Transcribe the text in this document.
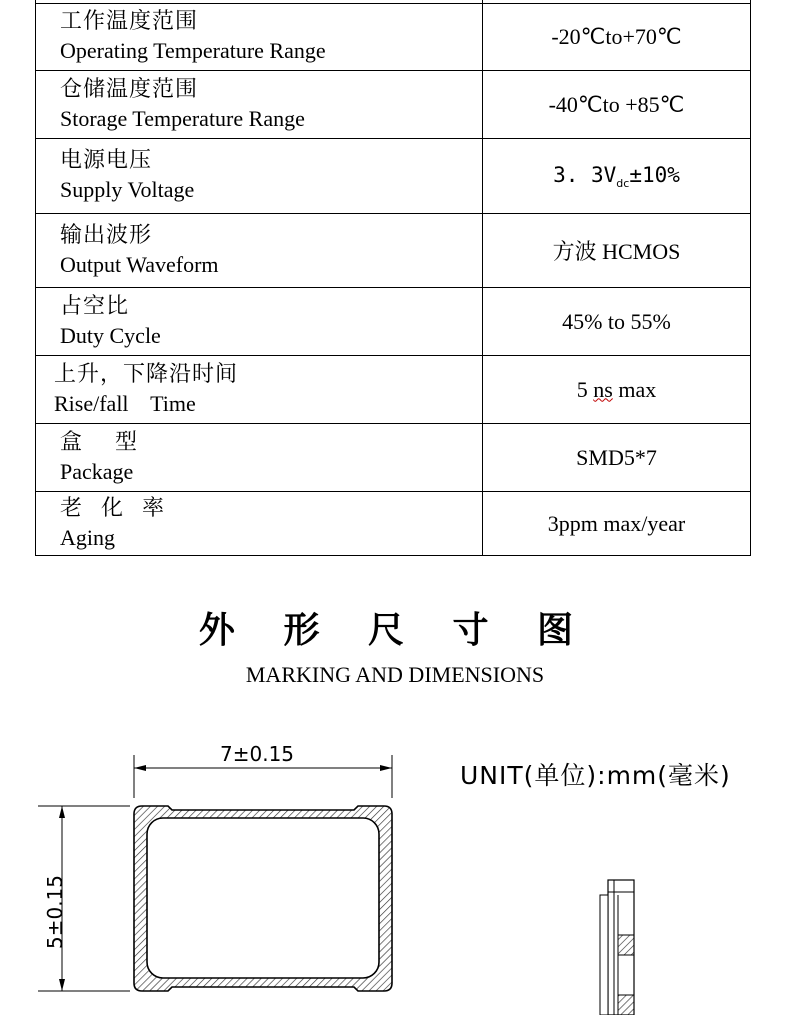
工作温度范围
Operating Temperature Range	-20℃to+70℃

仓储温度范围
Storage Temperature Range	-40℃to +85℃

电源电压
Supply Voltage	3. $3V_{dc}\pm 10\%$

输出波形
Output Waveform	方波 HCMOS

占空比
Duty Cycle	45% to 55%

上升，下降沿时间
Rise/fall    Time	5 ns max

盒    型
Package	SMD5*7

老 化 率
Aging	3ppm max/year
外 形 尺 寸 图
MARKING AND DIMENSIONS
UNIT(单位):mm(毫米)
7±0.15
5±0.15
